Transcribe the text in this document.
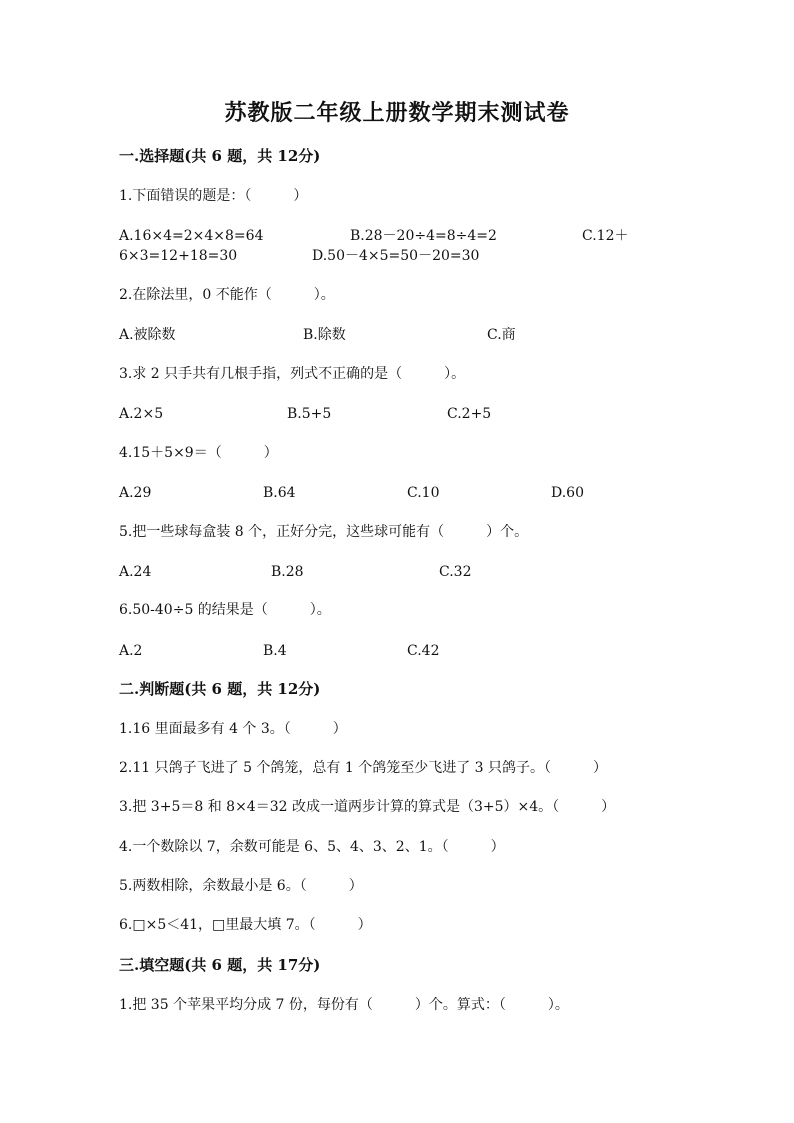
苏教版二年级上册数学期末测试卷
一.选择题(共 6 题，共 12分)
1.下面错误的题是：（　　　）
A.16×4=2×4×8=64	B.28－20÷4=8÷4=2	C.12＋
6×3=12+18=30	D.50－4×5=50－20=30
2.在除法里，0 不能作（　　　）。
A.被除数	B.除数	C.商
3.求 2 只手共有几根手指，列式不正确的是（　　　）。
A.2×5	B.5+5	C.2+5
4.15＋5×9＝（　　　）
A.29	B.64	C.10	D.60
5.把一些球每盒装 8 个，正好分完，这些球可能有（　　　）个。
A.24	B.28	C.32
6.50-40÷5 的结果是（　　　）。
A.2	B.4	C.42
二.判断题(共 6 题，共 12分)
1.16 里面最多有 4 个 3。（　　　）
2.11 只鸽子飞进了 5 个鸽笼，总有 1 个鸽笼至少飞进了 3 只鸽子。（　　　）
3.把 3+5＝8 和 8×4＝32 改成一道两步计算的算式是（3+5）×4。（　　　）
4.一个数除以 7，余数可能是 6、5、4、3、2、1。（　　　）
5.两数相除，余数最小是 6。（　　　）
6.□×5＜41，□里最大填 7。（　　　）
三.填空题(共 6 题，共 17分)
1.把 35 个苹果平均分成 7 份，每份有（　　　）个。算式：（　　　）。
